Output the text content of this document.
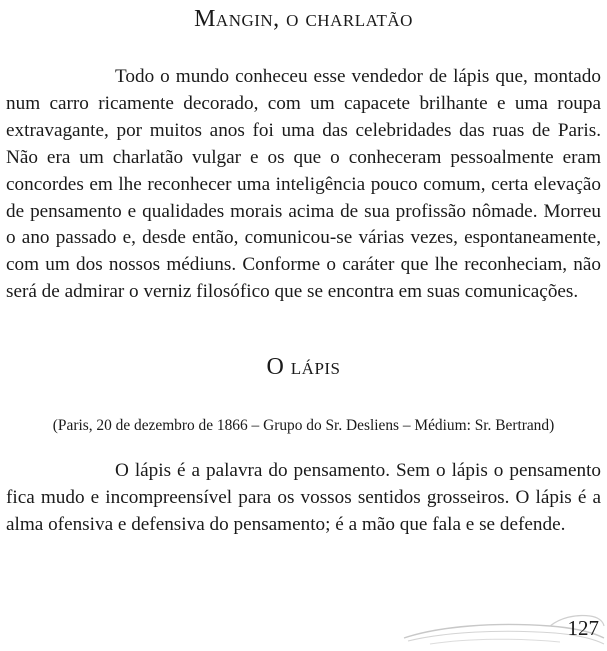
Mangin, o charlatão

Todo o mundo conheceu esse vendedor de lápis que, montado num carro ricamente decorado, com um capacete brilhante e uma roupa extravagante, por muitos anos foi uma das celebridades das ruas de Paris. Não era um charlatão vulgar e os que o conheceram pessoalmente eram concordes em lhe reconhecer uma inteligência pouco comum, certa elevação de pensamento e qualidades morais acima de sua profissão nômade. Morreu o ano passado e, desde então, comunicou-se várias vezes, espontaneamente, com um dos nossos médiuns. Conforme o caráter que lhe reconheciam, não será de admirar o verniz filosófico que se encontra em suas comunicações.

O lápis

(Paris, 20 de dezembro de 1866 – Grupo do Sr. Desliens – Médium: Sr. Bertrand)

O lápis é a palavra do pensamento. Sem o lápis o pensamento fica mudo e incompreensível para os vossos sentidos grosseiros. O lápis é a alma ofensiva e defensiva do pensamento; é a mão que fala e se defende.

127
